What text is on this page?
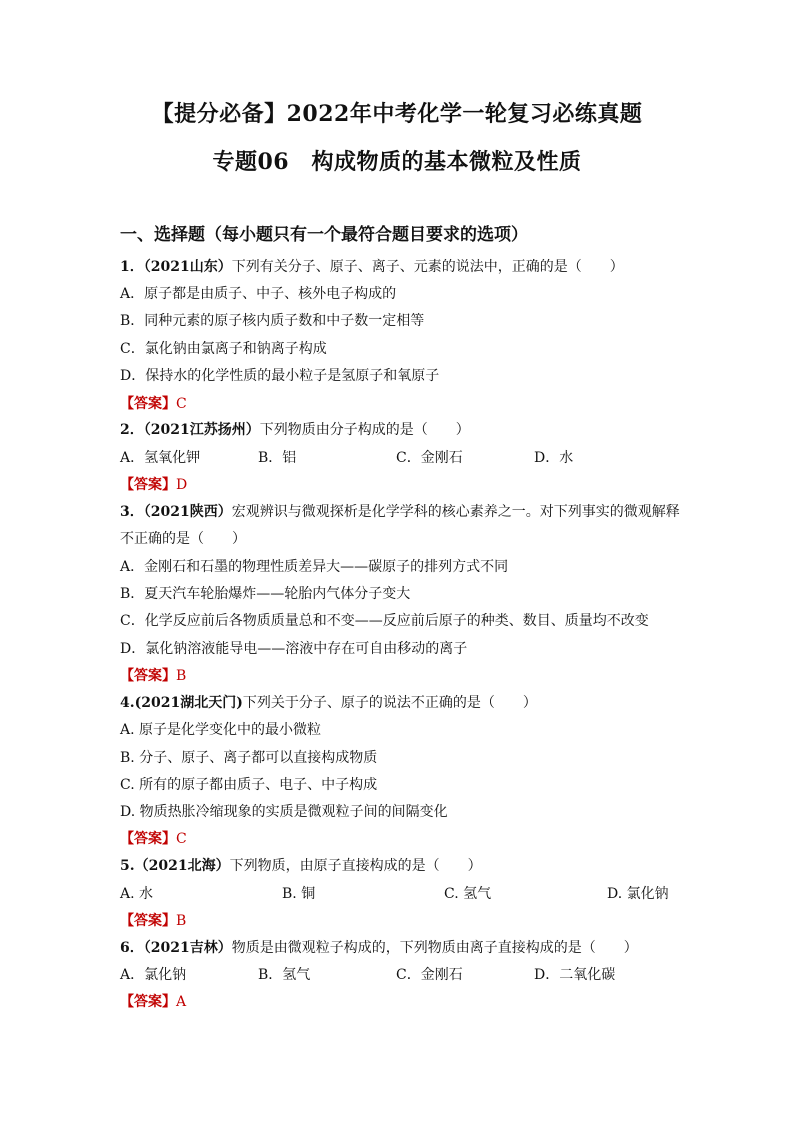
【提分必备】2022年中考化学一轮复习必练真题
专题06　构成物质的基本微粒及性质
一、选择题（每小题只有一个最符合题目要求的选项）
1．（2021山东）下列有关分子、原子、离子、元素的说法中，正确的是（　　）
A．原子都是由质子、中子、核外电子构成的
B．同种元素的原子核内质子数和中子数一定相等
C．氯化钠由氯离子和钠离子构成
D．保持水的化学性质的最小粒子是氢原子和氧原子
【答案】C
2．（2021江苏扬州）下列物质由分子构成的是（　　）
A．氢氧化钾	B．铝	C．金刚石	D．水
【答案】D
3．（2021陕西）宏观辨识与微观探析是化学学科的核心素养之一。对下列事实的微观解释
不正确的是（　　）
A．金刚石和石墨的物理性质差异大——碳原子的排列方式不同
B．夏天汽车轮胎爆炸——轮胎内气体分子变大
C．化学反应前后各物质质量总和不变——反应前后原子的种类、数目、质量均不改变
D．氯化钠溶液能导电——溶液中存在可自由移动的离子
【答案】B
4.(2021湖北天门)下列关于分子、原子的说法不正确的是（　　）
A. 原子是化学变化中的最小微粒
B. 分子、原子、离子都可以直接构成物质
C. 所有的原子都由质子、电子、中子构成
D. 物质热胀冷缩现象的实质是微观粒子间的间隔变化
【答案】C
5.（2021北海）下列物质，由原子直接构成的是（　　）
A. 水	B. 铜	C. 氢气	D. 氯化钠
【答案】B
6．（2021吉林）物质是由微观粒子构成的，下列物质由离子直接构成的是（　　）
A．氯化钠	B．氢气	C．金刚石	D．二氧化碳
【答案】A
